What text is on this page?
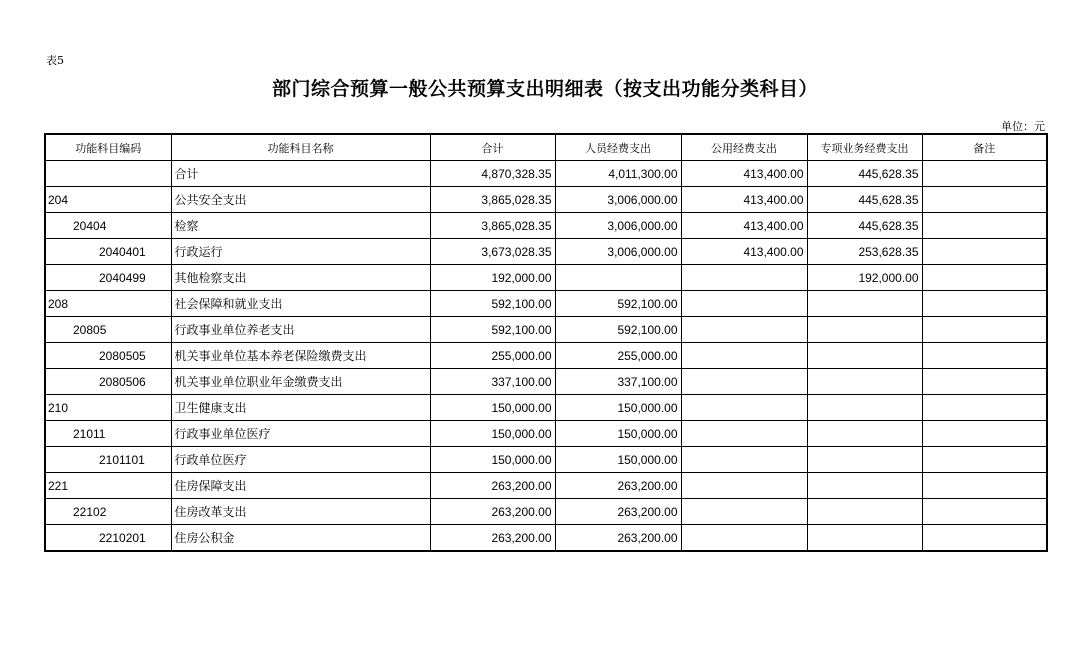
表5
部门综合预算一般公共预算支出明细表（按支出功能分类科目）
单位：元
功能科目编码	功能科目名称	合计	人员经费支出	公用经费支出	专项业务经费支出	备注
	合计	4,870,328.35	4,011,300.00	413,400.00	445,628.35	
204	公共安全支出	3,865,028.35	3,006,000.00	413,400.00	445,628.35	
20404	检察	3,865,028.35	3,006,000.00	413,400.00	445,628.35	
2040401	行政运行	3,673,028.35	3,006,000.00	413,400.00	253,628.35	
2040499	其他检察支出	192,000.00			192,000.00	
208	社会保障和就业支出	592,100.00	592,100.00			
20805	行政事业单位养老支出	592,100.00	592,100.00			
2080505	机关事业单位基本养老保险缴费支出	255,000.00	255,000.00			
2080506	机关事业单位职业年金缴费支出	337,100.00	337,100.00			
210	卫生健康支出	150,000.00	150,000.00			
21011	行政事业单位医疗	150,000.00	150,000.00			
2101101	行政单位医疗	150,000.00	150,000.00			
221	住房保障支出	263,200.00	263,200.00			
22102	住房改革支出	263,200.00	263,200.00			
2210201	住房公积金	263,200.00	263,200.00			
